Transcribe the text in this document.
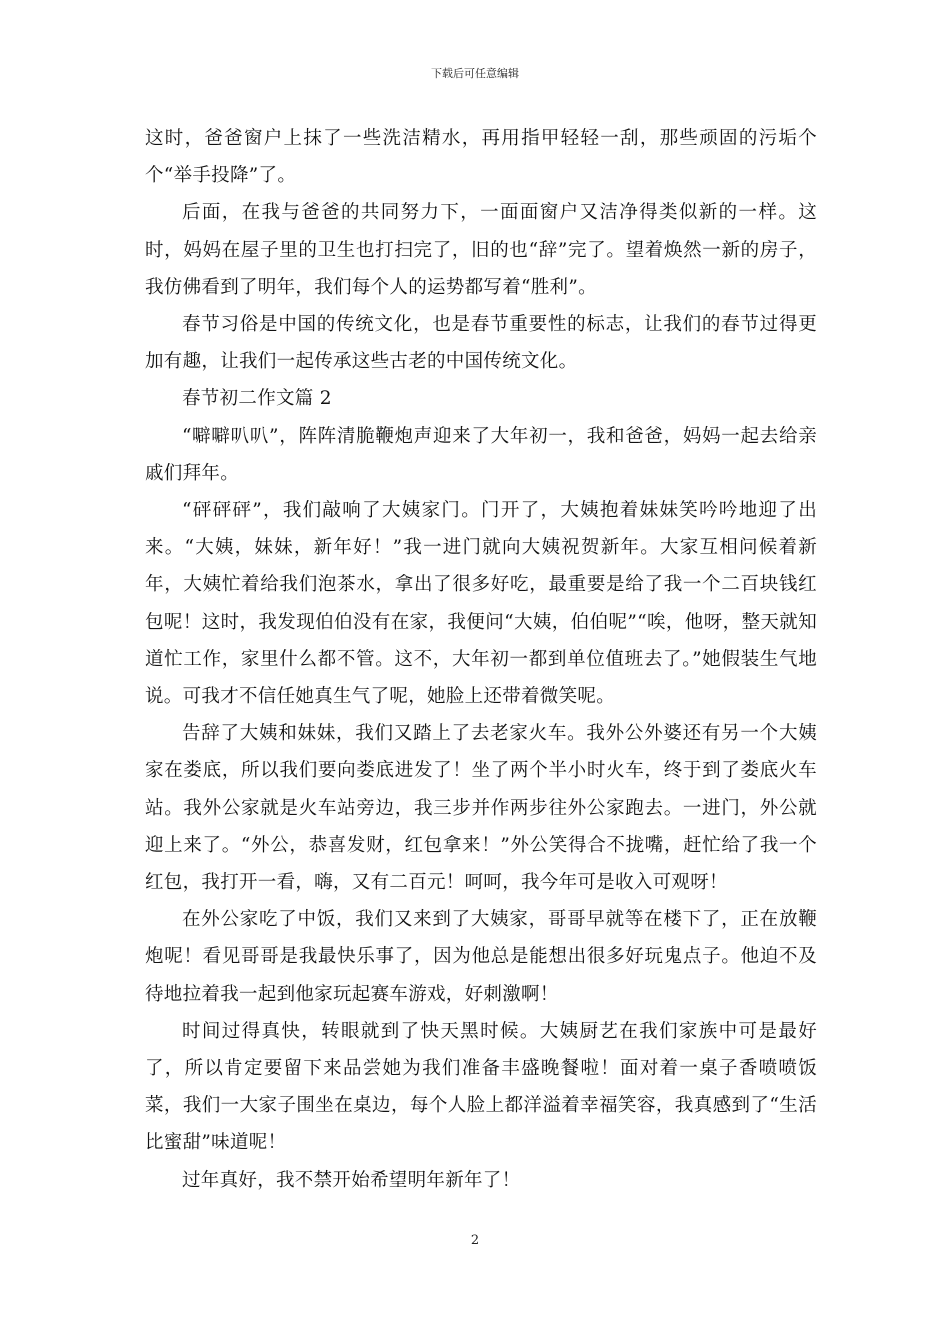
下载后可任意编辑

这时，爸爸窗户上抹了一些洗洁精水，再用指甲轻轻一刮，那些顽固的污垢个个“举手投降”了。

后面，在我与爸爸的共同努力下，一面面窗户又洁净得类似新的一样。这时，妈妈在屋子里的卫生也打扫完了，旧的也“辞”完了。望着焕然一新的房子，我仿佛看到了明年，我们每个人的运势都写着“胜利”。

春节习俗是中国的传统文化，也是春节重要性的标志，让我们的春节过得更加有趣，让我们一起传承这些古老的中国传统文化。

春节初二作文篇 2

“噼噼叭叭”，阵阵清脆鞭炮声迎来了大年初一，我和爸爸，妈妈一起去给亲戚们拜年。

“砰砰砰”，我们敲响了大姨家门。门开了，大姨抱着妹妹笑吟吟地迎了出来。“大姨，妹妹，新年好！”我一进门就向大姨祝贺新年。大家互相问候着新年，大姨忙着给我们泡茶水，拿出了很多好吃，最重要是给了我一个二百块钱红包呢！这时，我发现伯伯没有在家，我便问“大姨，伯伯呢”“唉，他呀，整天就知道忙工作，家里什么都不管。这不，大年初一都到单位值班去了。”她假装生气地说。可我才不信任她真生气了呢，她脸上还带着微笑呢。

告辞了大姨和妹妹，我们又踏上了去老家火车。我外公外婆还有另一个大姨家在娄底，所以我们要向娄底进发了！坐了两个半小时火车，终于到了娄底火车站。我外公家就是火车站旁边，我三步并作两步往外公家跑去。一进门，外公就迎上来了。“外公，恭喜发财，红包拿来！”外公笑得合不拢嘴，赶忙给了我一个红包，我打开一看，嗨，又有二百元！呵呵，我今年可是收入可观呀！

在外公家吃了中饭，我们又来到了大姨家，哥哥早就等在楼下了，正在放鞭炮呢！看见哥哥是我最快乐事了，因为他总是能想出很多好玩鬼点子。他迫不及待地拉着我一起到他家玩起赛车游戏，好刺激啊！

时间过得真快，转眼就到了快天黑时候。大姨厨艺在我们家族中可是最好了，所以肯定要留下来品尝她为我们准备丰盛晚餐啦！面对着一桌子香喷喷饭菜，我们一大家子围坐在桌边，每个人脸上都洋溢着幸福笑容，我真感到了“生活比蜜甜”味道呢！

过年真好，我不禁开始希望明年新年了！

2
